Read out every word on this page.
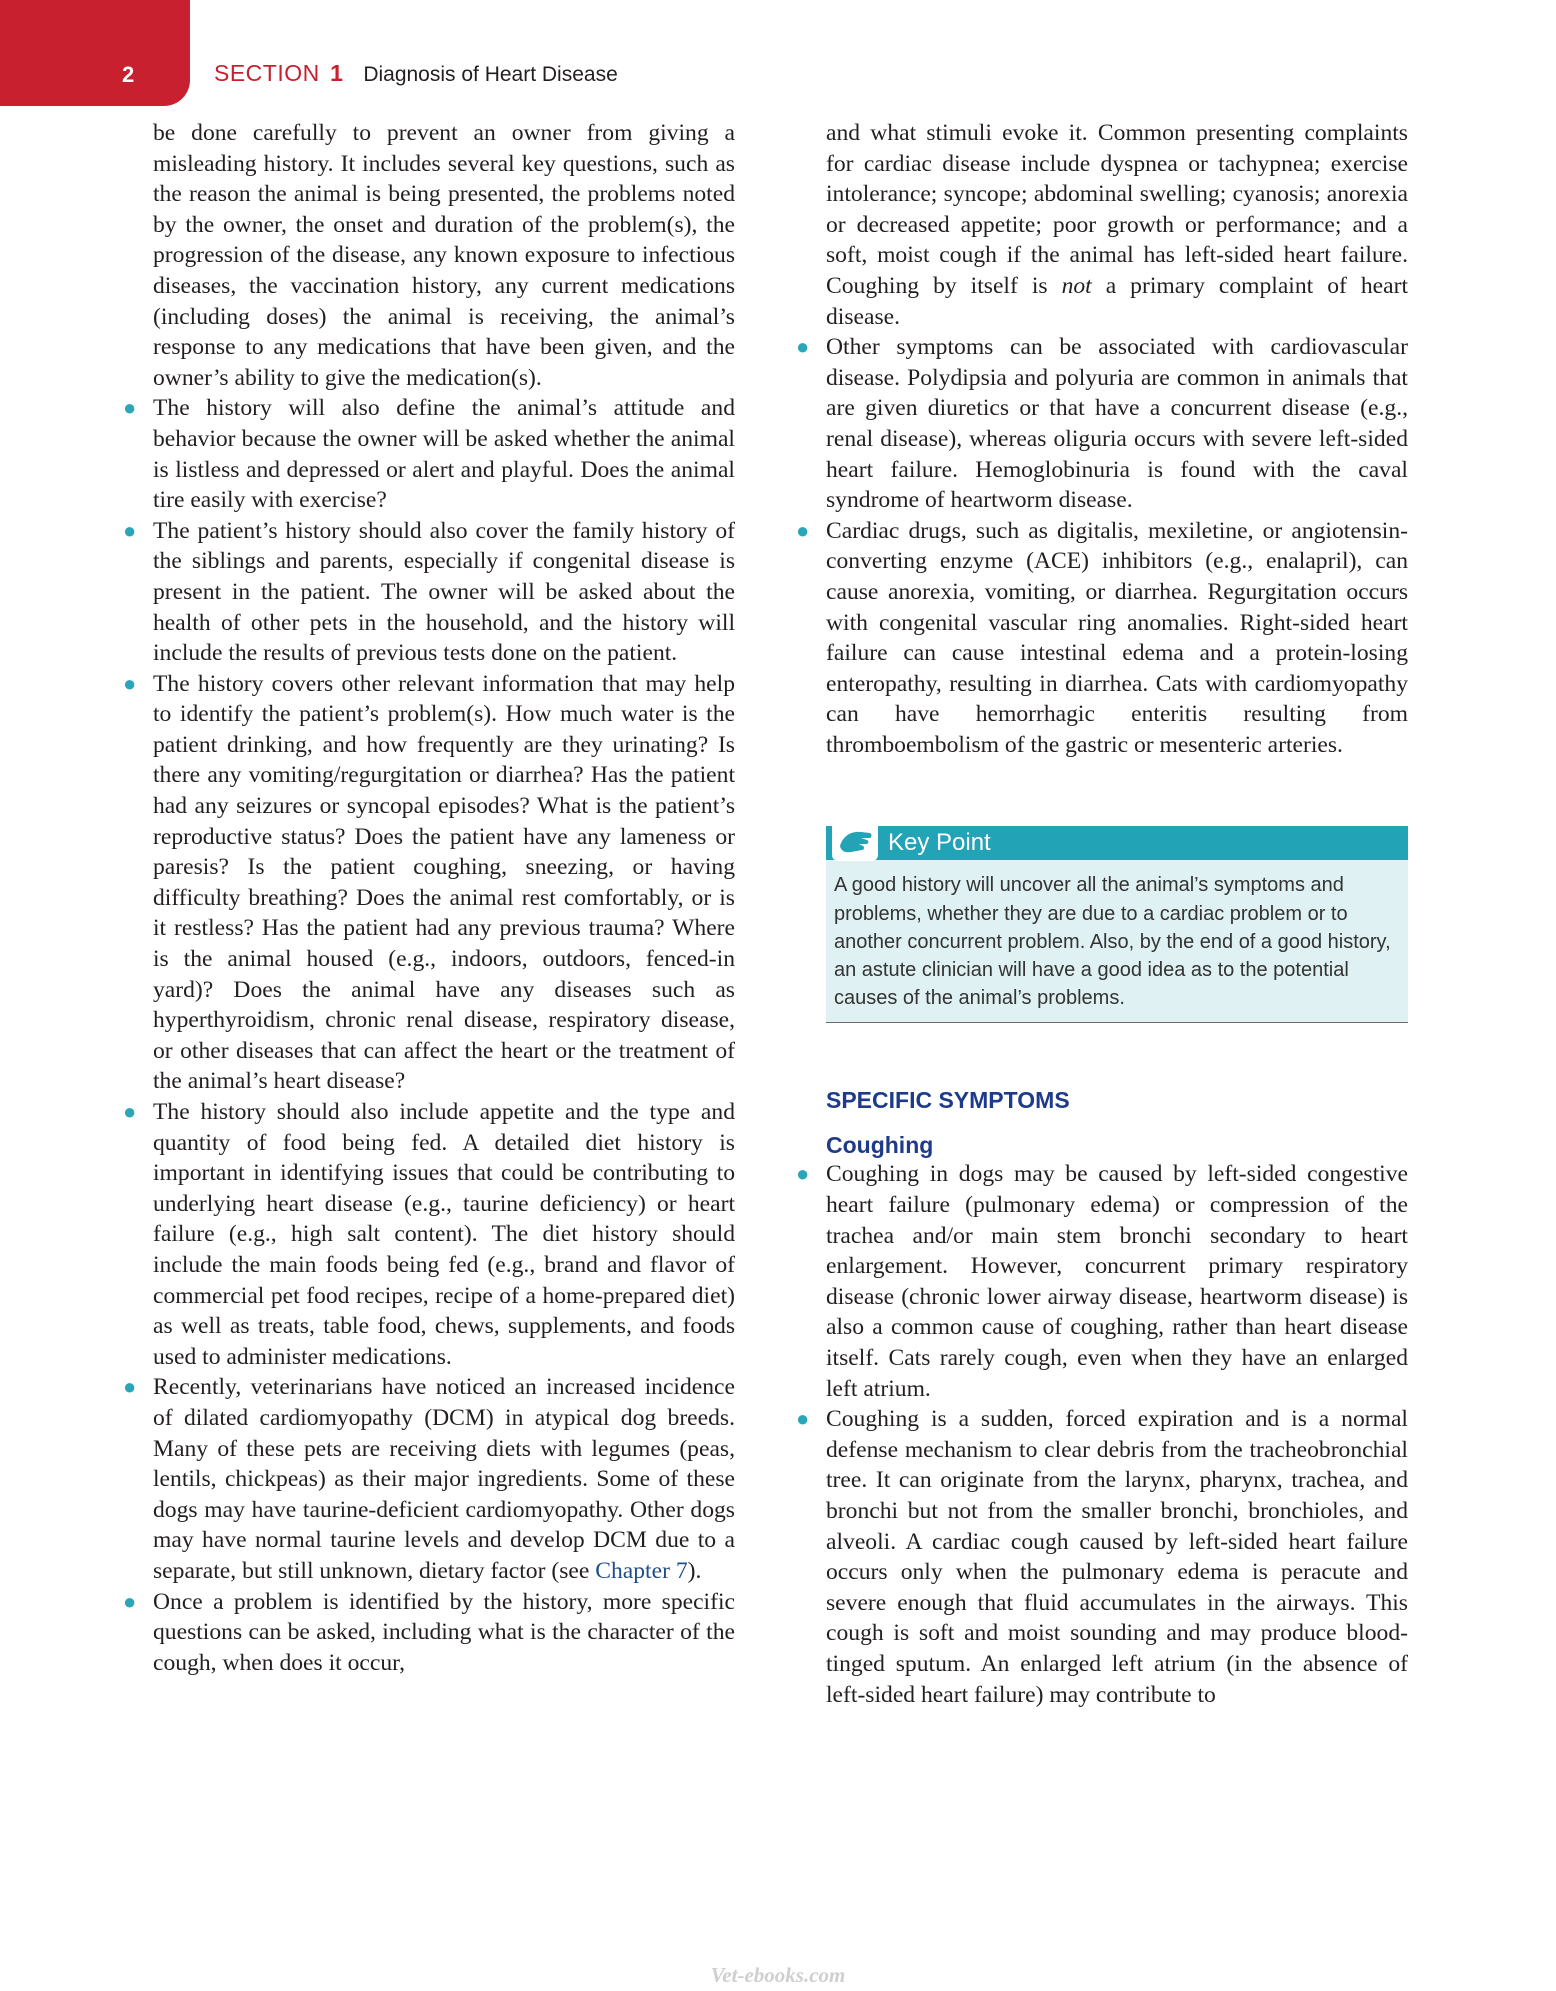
2	SECTION 1 Diagnosis of Heart Disease

be done carefully to prevent an owner from giving a misleading history. It includes several key questions, such as the reason the animal is being presented, the problems noted by the owner, the onset and duration of the problem(s), the progression of the disease, any known exposure to infectious diseases, the vaccination history, any current medications (including doses) the animal is receiving, the animal’s response to any medications that have been given, and the owner’s ability to give the medication(s).

● The history will also define the animal’s attitude and behavior because the owner will be asked whether the animal is listless and depressed or alert and playful. Does the animal tire easily with exercise?
● The patient’s history should also cover the family history of the siblings and parents, especially if congenital disease is present in the patient. The owner will be asked about the health of other pets in the household, and the history will include the results of previous tests done on the patient.
● The history covers other relevant information that may help to identify the patient’s problem(s). How much water is the patient drinking, and how frequently are they urinating? Is there any vomiting/regurgitation or diarrhea? Has the patient had any seizures or syncopal episodes? What is the patient’s reproductive status? Does the patient have any lameness or paresis? Is the patient coughing, sneezing, or having difficulty breathing? Does the animal rest comfortably, or is it restless? Has the patient had any previous trauma? Where is the animal housed (e.g., indoors, outdoors, fenced-in yard)? Does the animal have any diseases such as hyperthyroidism, chronic renal disease, respiratory disease, or other diseases that can affect the heart or the treatment of the animal’s heart disease?
● The history should also include appetite and the type and quantity of food being fed. A detailed diet history is important in identifying issues that could be contributing to underlying heart disease (e.g., taurine deficiency) or heart failure (e.g., high salt content). The diet history should include the main foods being fed (e.g., brand and flavor of commercial pet food recipes, recipe of a home-prepared diet) as well as treats, table food, chews, supplements, and foods used to administer medications.
● Recently, veterinarians have noticed an increased incidence of dilated cardiomyopathy (DCM) in atypical dog breeds. Many of these pets are receiving diets with legumes (peas, lentils, chickpeas) as their major ingredients. Some of these dogs may have taurine-deficient cardiomyopathy. Other dogs may have normal taurine levels and develop DCM due to a separate, but still unknown, dietary factor (see Chapter 7).
● Once a problem is identified by the history, more specific questions can be asked, including what is the character of the cough, when does it occur,

and what stimuli evoke it. Common presenting complaints for cardiac disease include dyspnea or tachypnea; exercise intolerance; syncope; abdominal swelling; cyanosis; anorexia or decreased appetite; poor growth or performance; and a soft, moist cough if the animal has left-sided heart failure. Coughing by itself is not a primary complaint of heart disease.

● Other symptoms can be associated with cardiovascular disease. Polydipsia and polyuria are common in animals that are given diuretics or that have a concurrent disease (e.g., renal disease), whereas oliguria occurs with severe left-sided heart failure. Hemoglobinuria is found with the caval syndrome of heartworm disease.
● Cardiac drugs, such as digitalis, mexiletine, or angiotensin-converting enzyme (ACE) inhibitors (e.g., enalapril), can cause anorexia, vomiting, or diarrhea. Regurgitation occurs with congenital vascular ring anomalies. Right-sided heart failure can cause intestinal edema and a protein-losing enteropathy, resulting in diarrhea. Cats with cardiomyopathy can have hemorrhagic enteritis resulting from thromboembolism of the gastric or mesenteric arteries.
Key Point
A good history will uncover all the animal’s symptoms and problems, whether they are due to a cardiac problem or to another concurrent problem. Also, by the end of a good history, an astute clinician will have a good idea as to the potential causes of the animal’s problems.
SPECIFIC SYMPTOMS
Coughing
● Coughing in dogs may be caused by left-sided congestive heart failure (pulmonary edema) or compression of the trachea and/or main stem bronchi secondary to heart enlargement. However, concurrent primary respiratory disease (chronic lower airway disease, heartworm disease) is also a common cause of coughing, rather than heart disease itself. Cats rarely cough, even when they have an enlarged left atrium.
● Coughing is a sudden, forced expiration and is a normal defense mechanism to clear debris from the tracheobronchial tree. It can originate from the larynx, pharynx, trachea, and bronchi but not from the smaller bronchi, bronchioles, and alveoli. A cardiac cough caused by left-sided heart failure occurs only when the pulmonary edema is peracute and severe enough that fluid accumulates in the airways. This cough is soft and moist sounding and may produce blood-tinged sputum. An enlarged left atrium (in the absence of left-sided heart failure) may contribute to
Vet-ebooks.com
